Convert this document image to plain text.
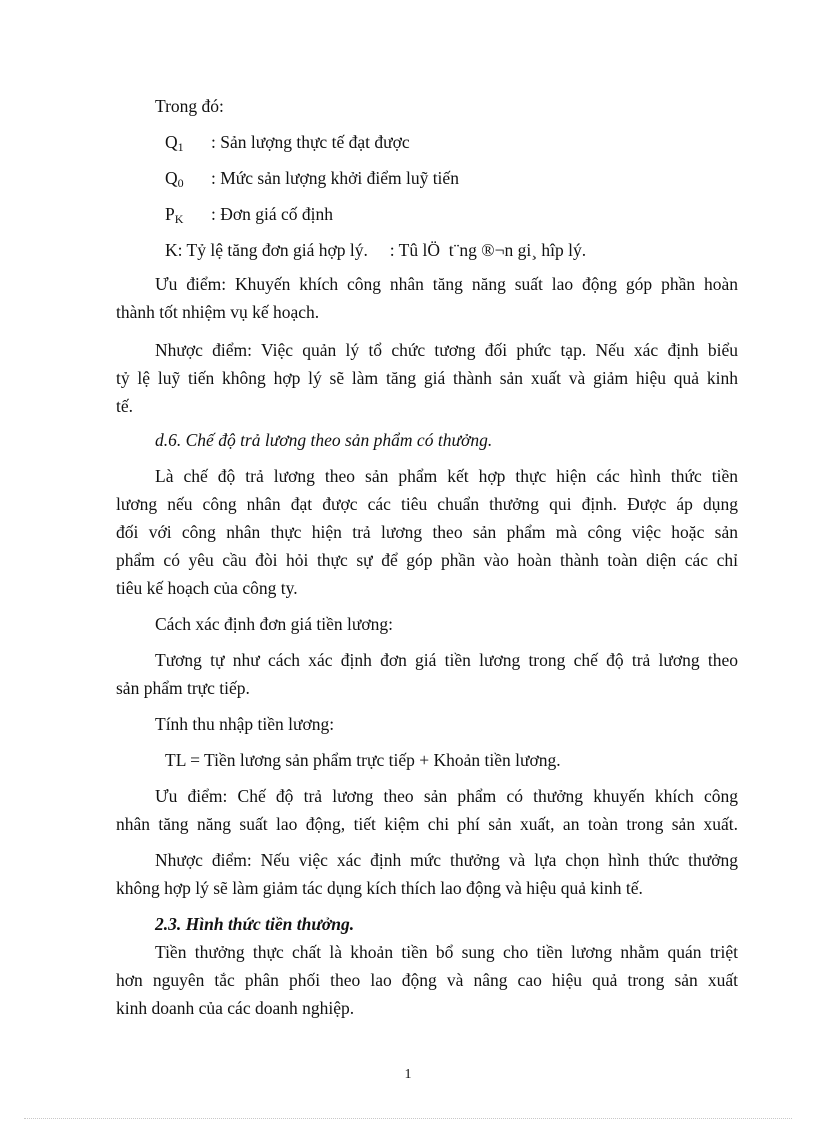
Trong đó:
$Q_1$ : Sản lượng thực tế đạt được
$Q_0$ : Mức sản lượng khởi điểm luỹ tiến
$P_K$ : Đơn giá cố định
K: Tỷ lệ tăng đơn giá hợp lý.     : Tû lÖ  t¨ng ®¬n gi¸ hîp lý.
Ưu điểm: Khuyến khích công nhân tăng năng suất lao động góp phần hoàn
thành tốt nhiệm vụ kế hoạch.
Nhược điểm: Việc quản lý tổ chức tương đối phức tạp. Nếu xác định biểu
tỷ lệ luỹ tiến không hợp lý sẽ làm tăng giá thành sản xuất và giảm hiệu quả kinh
tế.
d.6. Chế độ trả lương theo sản phẩm có thưởng.
Là chế độ trả lương theo sản phẩm kết hợp thực hiện các hình thức tiền
lương nếu công nhân đạt được các tiêu chuẩn thưởng qui định. Được áp dụng
đối với công nhân thực hiện trả lương theo sản phẩm mà công việc hoặc sản
phẩm có yêu cầu đòi hỏi thực sự để góp phần vào hoàn thành toàn diện các chỉ
tiêu kế hoạch của công ty.
Cách xác định đơn giá tiền lương:
Tương tự như cách xác định đơn giá tiền lương trong chế độ trả lương theo
sản phẩm trực tiếp.
Tính thu nhập tiền lương:
TL = Tiền lương sản phẩm trực tiếp + Khoản tiền lương.
Ưu điểm: Chế độ trả lương theo sản phẩm có thưởng khuyến khích công
nhân tăng năng suất lao động, tiết kiệm chi phí sản xuất, an toàn trong sản xuất.
Nhược điểm: Nếu việc xác định mức thưởng và lựa chọn hình thức thưởng
không hợp lý sẽ làm giảm tác dụng kích thích lao động và hiệu quả kinh tế.
2.3. Hình thức tiền thưởng.
Tiền thưởng thực chất là khoản tiền bổ sung cho tiền lương nhằm quán triệt
hơn nguyên tắc phân phối theo lao động và nâng cao hiệu quả trong sản xuất
kinh doanh của các doanh nghiệp.
1
